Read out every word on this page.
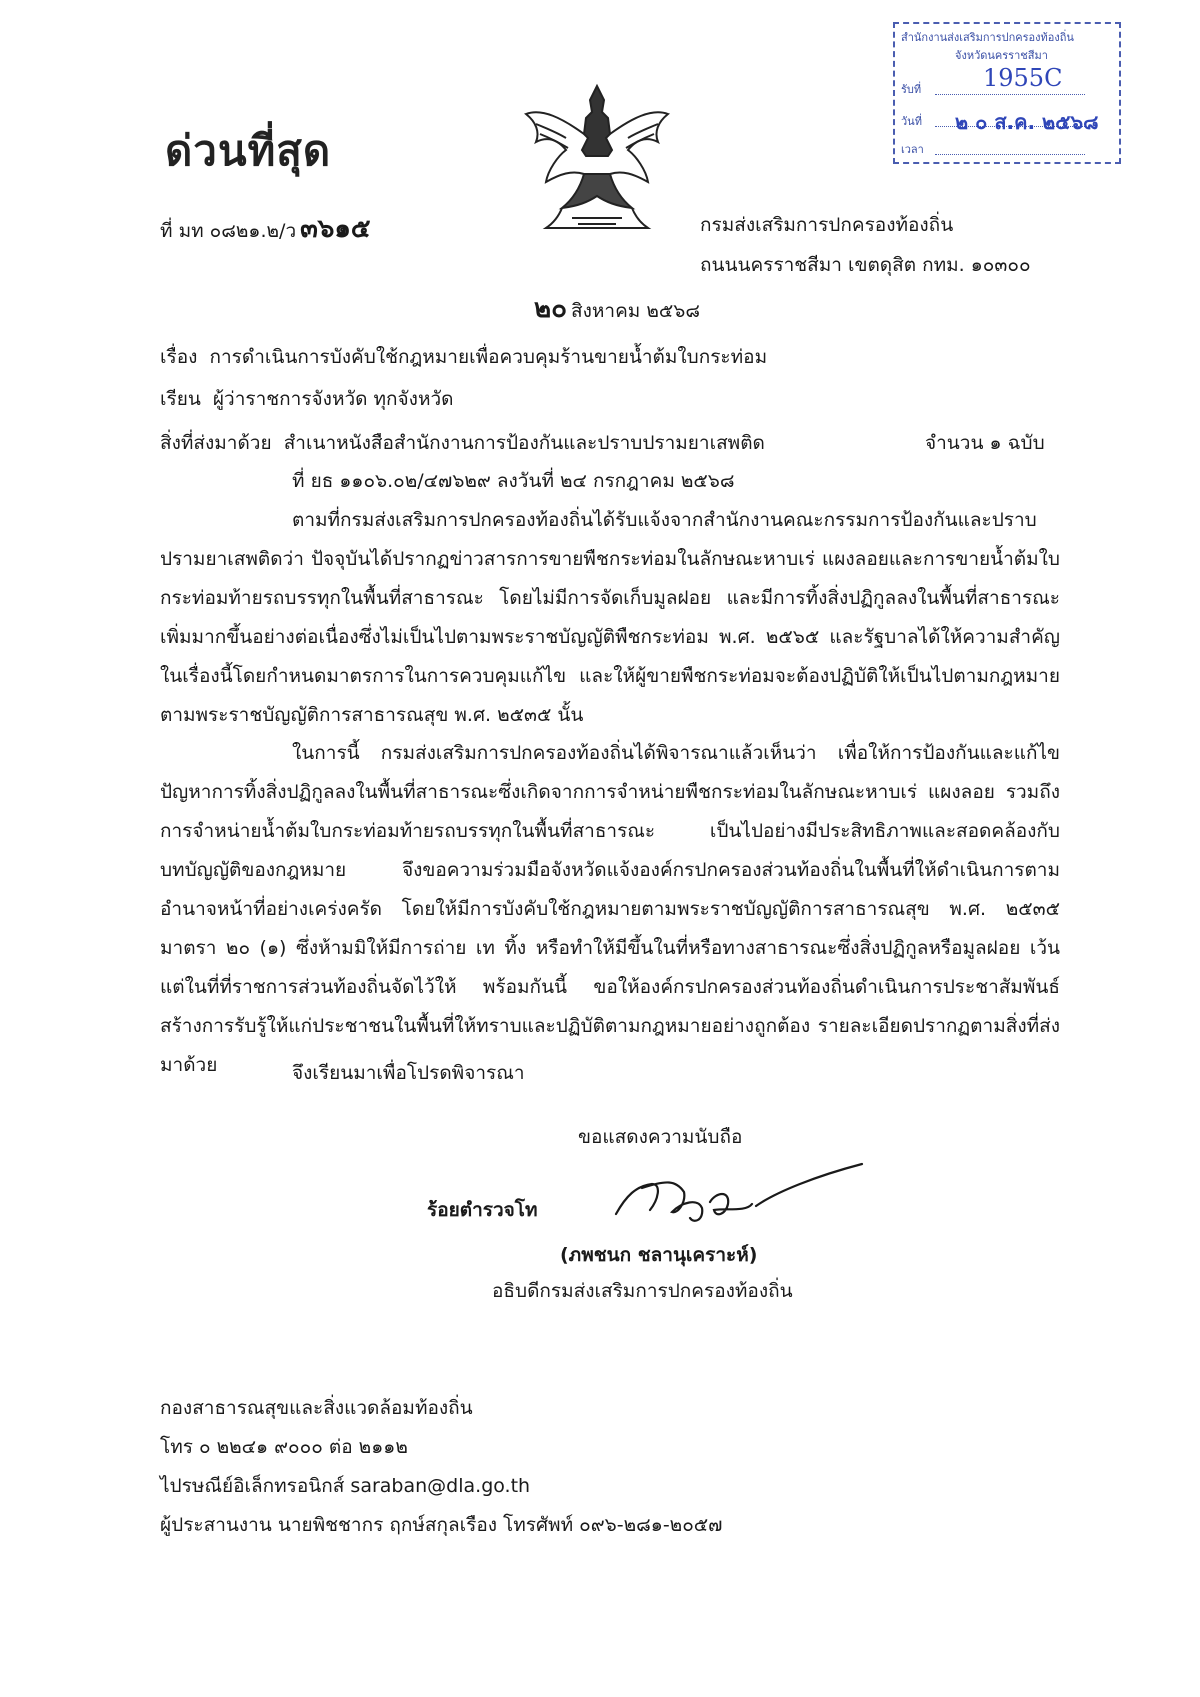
สำนักงานส่งเสริมการปกครองท้องถิ่น
จังหวัดนครราชสีมา
รับที่	1955C
วันที่ ๒ ๐ ส.ค. ๒๕๖๘
เวลา
ด่วนที่สุด
ที่ มท ๐๘๒๑.๒/ว ๓๖๑๕	กรมส่งเสริมการปกครองท้องถิ่น
ถนนนครราชสีมา เขตดุสิต กทม. ๑๐๓๐๐
๒๐ สิงหาคม ๒๕๖๘
เรื่อง การดำเนินการบังคับใช้กฎหมายเพื่อควบคุมร้านขายน้ำต้มใบกระท่อม
เรียน ผู้ว่าราชการจังหวัด ทุกจังหวัด
สิ่งที่ส่งมาด้วย สำเนาหนังสือสำนักงานการป้องกันและปราบปรามยาเสพติด	จำนวน ๑ ฉบับ
ที่ ยธ ๑๑๐๖.๐๒/๔๗๖๒๙ ลงวันที่ ๒๔ กรกฎาคม ๒๕๖๘
ตามที่กรมส่งเสริมการปกครองท้องถิ่นได้รับแจ้งจากสำนักงานคณะกรรมการป้องกันและปราบปรามยาเสพติดว่า ปัจจุบันได้ปรากฏข่าวสารการขายพืชกระท่อมในลักษณะหาบเร่ แผงลอยและการขายน้ำต้มใบกระท่อมท้ายรถบรรทุกในพื้นที่สาธารณะ โดยไม่มีการจัดเก็บมูลฝอย และมีการทิ้งสิ่งปฏิกูลลงในพื้นที่สาธารณะเพิ่มมากขึ้นอย่างต่อเนื่องซึ่งไม่เป็นไปตามพระราชบัญญัติพืชกระท่อม พ.ศ. ๒๕๖๕ และรัฐบาลได้ให้ความสำคัญในเรื่องนี้โดยกำหนดมาตรการในการควบคุมแก้ไข และให้ผู้ขายพืชกระท่อมจะต้องปฏิบัติให้เป็นไปตามกฎหมายตามพระราชบัญญัติการสาธารณสุข พ.ศ. ๒๕๓๕ นั้น
ในการนี้ กรมส่งเสริมการปกครองท้องถิ่นได้พิจารณาแล้วเห็นว่า เพื่อให้การป้องกันและแก้ไขปัญหาการทิ้งสิ่งปฏิกูลลงในพื้นที่สาธารณะซึ่งเกิดจากการจำหน่ายพืชกระท่อมในลักษณะหาบเร่ แผงลอย รวมถึงการจำหน่ายน้ำต้มใบกระท่อมท้ายรถบรรทุกในพื้นที่สาธารณะ เป็นไปอย่างมีประสิทธิภาพและสอดคล้องกับบทบัญญัติของกฎหมาย จึงขอความร่วมมือจังหวัดแจ้งองค์กรปกครองส่วนท้องถิ่นในพื้นที่ให้ดำเนินการตามอำนาจหน้าที่อย่างเคร่งครัด โดยให้มีการบังคับใช้กฎหมายตามพระราชบัญญัติการสาธารณสุข พ.ศ. ๒๕๓๕ มาตรา ๒๐ (๑) ซึ่งห้ามมิให้มีการถ่าย เท ทิ้ง หรือทำให้มีขึ้นในที่หรือทางสาธารณะซึ่งสิ่งปฏิกูลหรือมูลฝอย เว้นแต่ในที่ที่ราชการส่วนท้องถิ่นจัดไว้ให้ พร้อมกันนี้ ขอให้องค์กรปกครองส่วนท้องถิ่นดำเนินการประชาสัมพันธ์สร้างการรับรู้ให้แก่ประชาชนในพื้นที่ให้ทราบและปฏิบัติตามกฎหมายอย่างถูกต้อง รายละเอียดปรากฏตามสิ่งที่ส่งมาด้วย	จึงเรียนมาเพื่อโปรดพิจารณา
ขอแสดงความนับถือ
ร้อยตำรวจโท
(ภพชนก ชลานุเคราะห์)
อธิบดีกรมส่งเสริมการปกครองท้องถิ่น
กองสาธารณสุขและสิ่งแวดล้อมท้องถิ่น
โทร ๐ ๒๒๔๑ ๙๐๐๐ ต่อ ๒๑๑๒
ไปรษณีย์อิเล็กทรอนิกส์ saraban@dla.go.th
ผู้ประสานงาน นายพิชชากร ฤกษ์สกุลเรือง โทรศัพท์ ๐๙๖-๒๘๑-๒๐๕๗
